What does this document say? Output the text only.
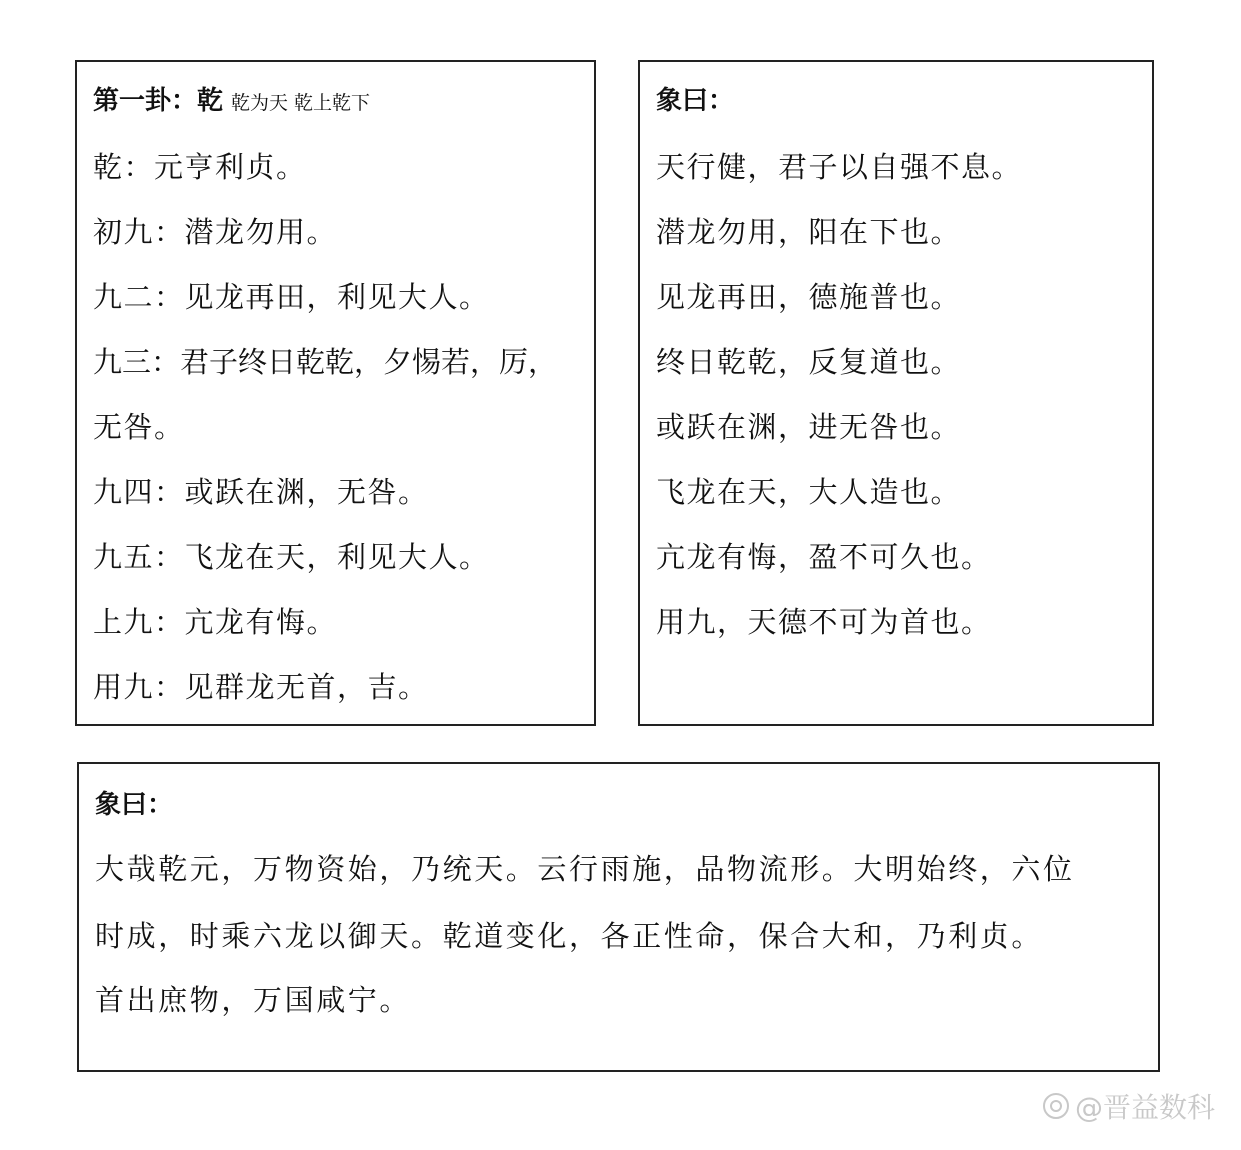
第一卦：乾 乾为天 乾上乾下
乾：元亨利贞。
初九：潜龙勿用。
九二：见龙再田，利见大人。
九三：君子终日乾乾，夕惕若，厉，
无咎。
九四：或跃在渊，无咎。
九五：飞龙在天，利见大人。
上九：亢龙有悔。
用九：见群龙无首，吉。
象曰：
天行健，君子以自强不息。
潜龙勿用，阳在下也。
见龙再田，德施普也。
终日乾乾，反复道也。
或跃在渊，进无咎也。
飞龙在天，大人造也。
亢龙有悔，盈不可久也。
用九，天德不可为首也。
象曰：
大哉乾元，万物资始，乃统天。云行雨施，品物流形。大明始终，六位
时成，时乘六龙以御天。乾道变化，各正性命，保合大和，乃利贞。
首出庶物，万国咸宁。
@晋益数科
